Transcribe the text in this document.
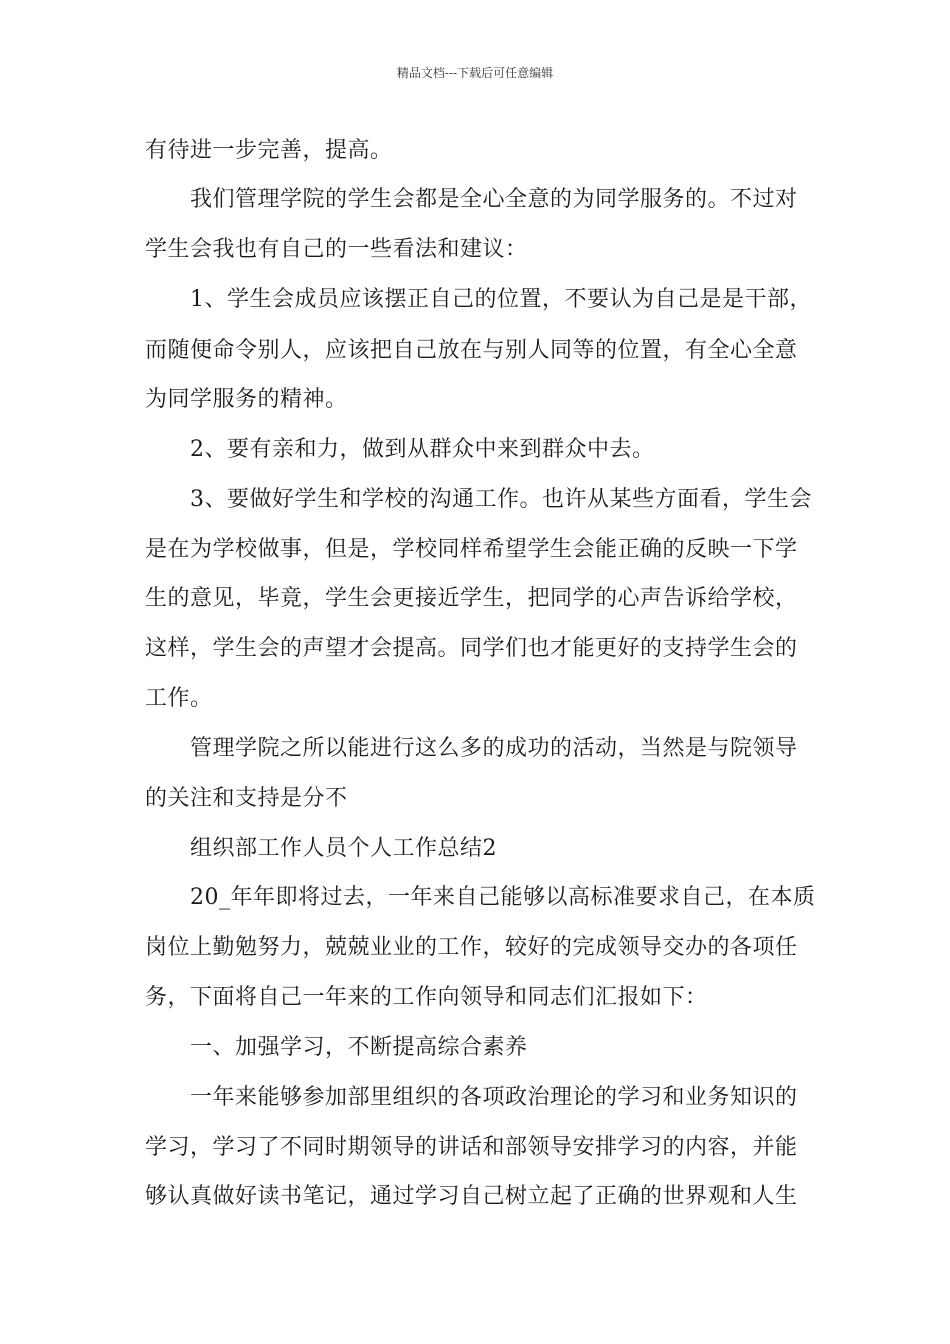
精品文档---下载后可任意编辑
有待进一步完善，提高。
我们管理学院的学生会都是全心全意的为同学服务的。不过对
学生会我也有自己的一些看法和建议：
1、学生会成员应该摆正自己的位置，不要认为自己是是干部，
而随便命令别人，应该把自己放在与别人同等的位置，有全心全意
为同学服务的精神。
2、要有亲和力，做到从群众中来到群众中去。
3、要做好学生和学校的沟通工作。也许从某些方面看，学生会
是在为学校做事，但是，学校同样希望学生会能正确的反映一下学
生的意见，毕竟，学生会更接近学生，把同学的心声告诉给学校，
这样，学生会的声望才会提高。同学们也才能更好的支持学生会的
工作。
管理学院之所以能进行这么多的成功的活动，当然是与院领导
的关注和支持是分不
组织部工作人员个人工作总结2
20_年年即将过去，一年来自己能够以高标准要求自己，在本质
岗位上勤勉努力，兢兢业业的工作，较好的完成领导交办的各项任
务，下面将自己一年来的工作向领导和同志们汇报如下：
一、加强学习，不断提高综合素养
一年来能够参加部里组织的各项政治理论的学习和业务知识的
学习，学习了不同时期领导的讲话和部领导安排学习的内容，并能
够认真做好读书笔记，通过学习自己树立起了正确的世界观和人生
